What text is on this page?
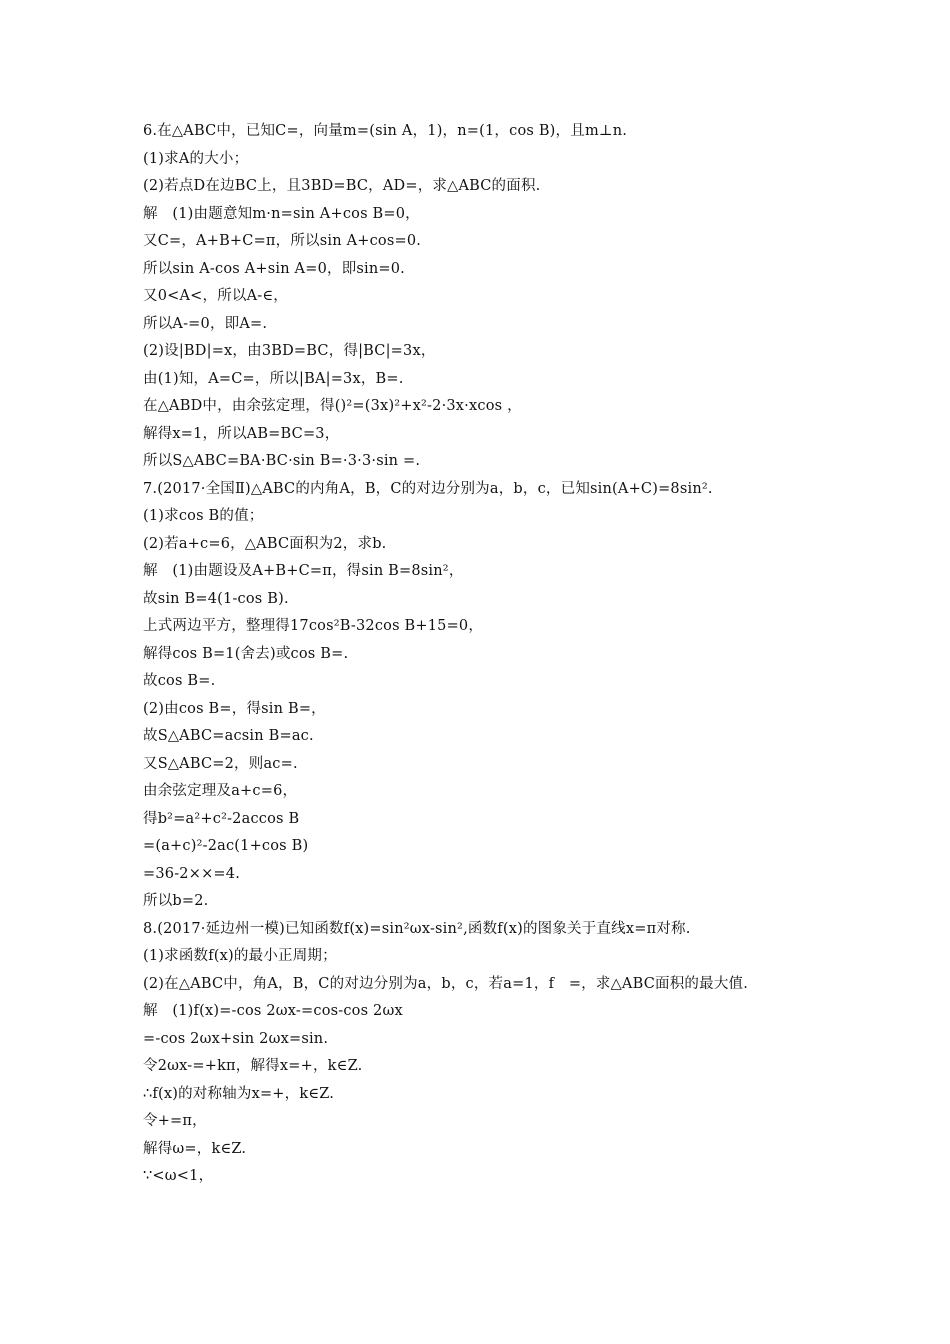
6.在△ABC中，已知C=，向量m=(sin A，1)，n=(1，cos B)，且m⊥n.
(1)求A的大小；
(2)若点D在边BC上，且3BD=BC，AD=，求△ABC的面积.
解　(1)由题意知m·n=sin A+cos B=0，
又C=，A+B+C=π，所以sin A+cos=0.
所以sin A-cos A+sin A=0，即sin=0.
又0<A<，所以A-∈，
所以A-=0，即A=.
(2)设|BD|=x，由3BD=BC，得|BC|=3x，
由(1)知，A=C=，所以|BA|=3x，B=.
在△ABD中，由余弦定理，得()²=(3x)²+x²-2·3x·xcos ，
解得x=1，所以AB=BC=3，
所以S△ABC=BA·BC·sin B=·3·3·sin =.
7.(2017·全国Ⅱ)△ABC的内角A，B，C的对边分别为a，b，c，已知sin(A+C)=8sin².
(1)求cos B的值；
(2)若a+c=6，△ABC面积为2，求b.
解　(1)由题设及A+B+C=π，得sin B=8sin²，
故sin B=4(1-cos B).
上式两边平方，整理得17cos²B-32cos B+15=0，
解得cos B=1(舍去)或cos B=.
故cos B=.
(2)由cos B=，得sin B=，
故S△ABC=acsin B=ac.
又S△ABC=2，则ac=.
由余弦定理及a+c=6，
得b²=a²+c²-2accos B
=(a+c)²-2ac(1+cos B)
=36-2××=4.
所以b=2.
8.(2017·延边州一模)已知函数f(x)=sin²ωx-sin²,函数f(x)的图象关于直线x=π对称.
(1)求函数f(x)的最小正周期；
(2)在△ABC中，角A，B，C的对边分别为a，b，c，若a=1，f　=，求△ABC面积的最大值.
解　(1)f(x)=-cos 2ωx-=cos-cos 2ωx
=-cos 2ωx+sin 2ωx=sin.
令2ωx-=+kπ，解得x=+，k∈Z.
∴f(x)的对称轴为x=+，k∈Z.
令+=π，
解得ω=，k∈Z.
∵<ω<1，
